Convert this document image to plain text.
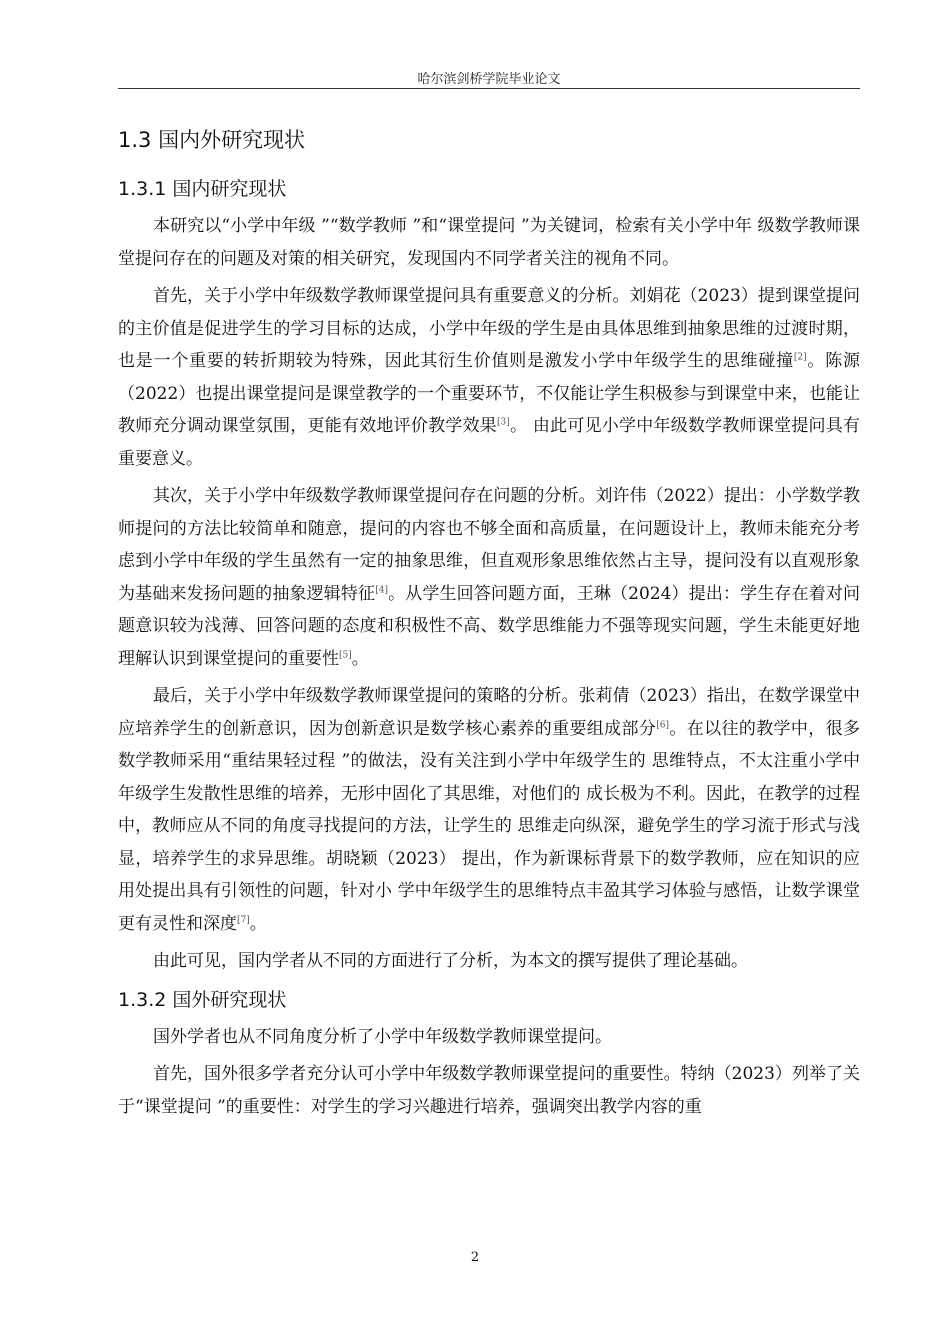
哈尔滨剑桥学院毕业论文
1.3 国内外研究现状
1.3.1 国内研究现状

本研究以“小学中年级 ”“数学教师 ”和“课堂提问 ”为关键词，检索有关小学中年 级数学教师课堂提问存在的问题及对策的相关研究，发现国内不同学者关注的视角不同。

首先，关于小学中年级数学教师课堂提问具有重要意义的分析。刘娟花（2023）提到课堂提问的主价值是促进学生的学习目标的达成，小学中年级的学生是由具体思维到抽象思维的过渡时期，也是一个重要的转折期较为特殊，因此其衍生价值则是激发小学中年级学生的思维碰撞[2]。陈源（2022）也提出课堂提问是课堂教学的一个重要环节，不仅能让学生积极参与到课堂中来，也能让教师充分调动课堂氛围，更能有效地评价教学效果[3]。 由此可见小学中年级数学教师课堂提问具有重要意义。

其次，关于小学中年级数学教师课堂提问存在问题的分析。刘许伟（2022）提出：小学数学教师提问的方法比较简单和随意，提问的内容也不够全面和高质量，在问题设计上，教师未能充分考虑到小学中年级的学生虽然有一定的抽象思维，但直观形象思维依然占主导，提问没有以直观形象为基础来发扬问题的抽象逻辑特征[4]。从学生回答问题方面，王琳（2024）提出：学生存在着对问题意识较为浅薄、回答问题的态度和积极性不高、数学思维能力不强等现实问题，学生未能更好地理解认识到课堂提问的重要性[5]。

最后，关于小学中年级数学教师课堂提问的策略的分析。张莉倩（2023）指出，在数学课堂中应培养学生的创新意识，因为创新意识是数学核心素养的重要组成部分[6]。在以往的教学中，很多数学教师采用“重结果轻过程 ”的做法，没有关注到小学中年级学生的 思维特点，不太注重小学中年级学生发散性思维的培养，无形中固化了其思维，对他们的 成长极为不利。因此，在教学的过程中，教师应从不同的角度寻找提问的方法，让学生的 思维走向纵深，避免学生的学习流于形式与浅显，培养学生的求异思维。胡晓颖（2023） 提出，作为新课标背景下的数学教师，应在知识的应用处提出具有引领性的问题，针对小 学中年级学生的思维特点丰盈其学习体验与感悟，让数学课堂更有灵性和深度[7]。

由此可见，国内学者从不同的方面进行了分析，为本文的撰写提供了理论基础。

1.3.2 国外研究现状

国外学者也从不同角度分析了小学中年级数学教师课堂提问。

首先，国外很多学者充分认可小学中年级数学教师课堂提问的重要性。特纳（2023）列举了关于“课堂提问 ”的重要性：对学生的学习兴趣进行培养，强调突出教学内容的重

2
